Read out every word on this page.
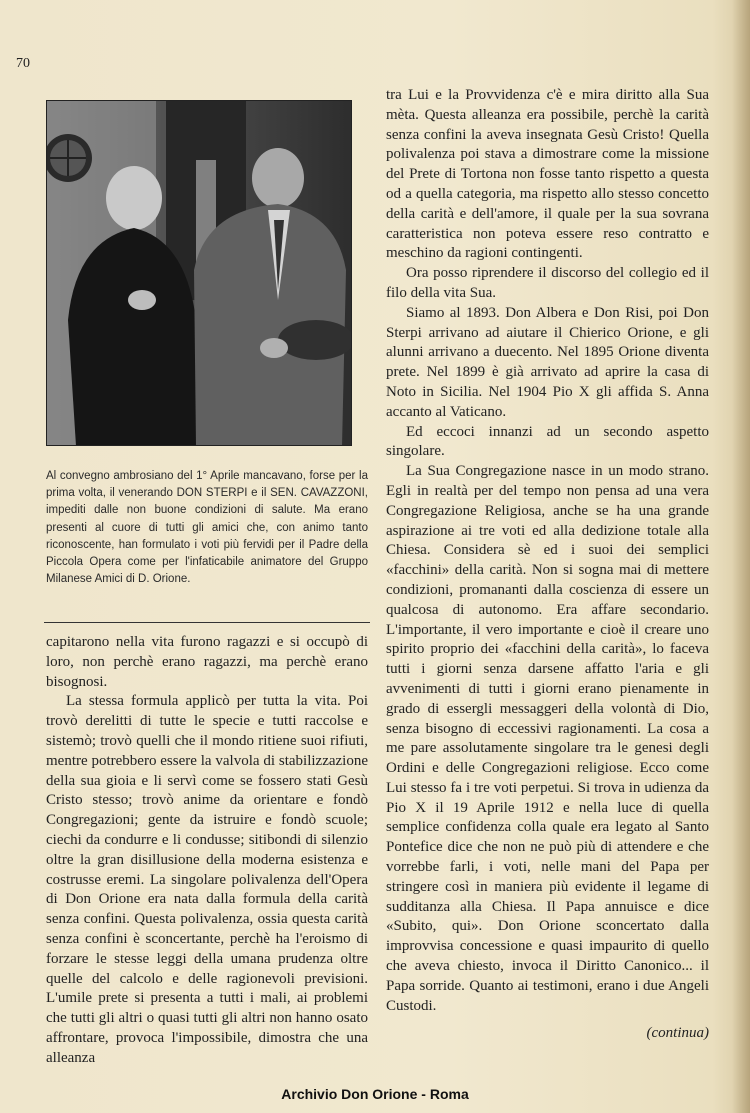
70
Al convegno ambrosiano del 1° Aprile mancavano, forse per la prima volta, il venerando DON STERPI e il SEN. CAVAZZONI, impediti dalle non buone condizioni di salute. Ma erano presenti al cuore di tutti gli amici che, con animo tanto riconoscente, han formulato i voti più fervidi per il Padre della Piccola Opera come per l'infaticabile animatore del Gruppo Milanese Amici di D. Orione.

capitarono nella vita furono ragazzi e si occupò di loro, non perchè erano ragazzi, ma perchè erano bisognosi.

La stessa formula applicò per tutta la vita. Poi trovò derelitti di tutte le specie e tutti raccolse e sistemò; trovò quelli che il mondo ritiene suoi rifiuti, mentre potrebbero essere la valvola di stabilizzazione della sua gioia e li servì come se fossero stati Gesù Cristo stesso; trovò anime da orientare e fondò Congregazioni; gente da istruire e fondò scuole; ciechi da condurre e li condusse; sitibondi di silenzio oltre la gran disillusione della moderna esistenza e costrusse eremi. La singolare polivalenza dell'Opera di Don Orione era nata dalla formula della carità senza confini. Questa polivalenza, ossia questa carità senza confini è sconcertante, perchè ha l'eroismo di forzare le stesse leggi della umana prudenza oltre quelle del calcolo e delle ragionevoli previsioni. L'umile prete si presenta a tutti i mali, ai problemi che tutti gli altri o quasi tutti gli altri non hanno osato affrontare, provoca l'impossibile, dimostra che una alleanza

tra Lui e la Provvidenza c'è e mira diritto alla Sua mèta. Questa alleanza era possibile, perchè la carità senza confini la aveva insegnata Gesù Cristo! Quella polivalenza poi stava a dimostrare come la missione del Prete di Tortona non fosse tanto rispetto a questa od a quella categoria, ma rispetto allo stesso concetto della carità e dell'amore, il quale per la sua sovrana caratteristica non poteva essere reso contratto e meschino da ragioni contingenti.

Ora posso riprendere il discorso del collegio ed il filo della vita Sua.

Siamo al 1893. Don Albera e Don Risi, poi Don Sterpi arrivano ad aiutare il Chierico Orione, e gli alunni arrivano a duecento. Nel 1895 Orione diventa prete. Nel 1899 è già arrivato ad aprire la casa di Noto in Sicilia. Nel 1904 Pio X gli affida S. Anna accanto al Vaticano.

Ed eccoci innanzi ad un secondo aspetto singolare.

La Sua Congregazione nasce in un modo strano. Egli in realtà per del tempo non pensa ad una vera Congregazione Religiosa, anche se ha una grande aspirazione ai tre voti ed alla dedizione totale alla Chiesa. Considera sè ed i suoi dei semplici «facchini» della carità. Non si sogna mai di mettere condizioni, promananti dalla coscienza di essere un qualcosa di autonomo. Era affare secondario. L'importante, il vero importante e cioè il creare uno spirito proprio dei «facchini della carità», lo faceva tutti i giorni senza darsene affatto l'aria e gli avvenimenti di tutti i giorni erano pienamente in grado di essergli messaggeri della volontà di Dio, senza bisogno di eccessivi ragionamenti. La cosa a me pare assolutamente singolare tra le genesi degli Ordini e delle Congregazioni religiose. Ecco come Lui stesso fa i tre voti perpetui. Si trova in udienza da Pio X il 19 Aprile 1912 e nella luce di quella semplice confidenza colla quale era legato al Santo Pontefice dice che non ne può più di attendere e che vorrebbe farli, i voti, nelle mani del Papa per stringere così in maniera più evidente il legame di sudditanza alla Chiesa. Il Papa annuisce e dice «Subito, qui». Don Orione sconcertato dalla improvvisa concessione e quasi impaurito di quello che aveva chiesto, invoca il Diritto Canonico... il Papa sorride. Quanto ai testimoni, erano i due Angeli Custodi.

(continua)

Archivio Don Orione - Roma
